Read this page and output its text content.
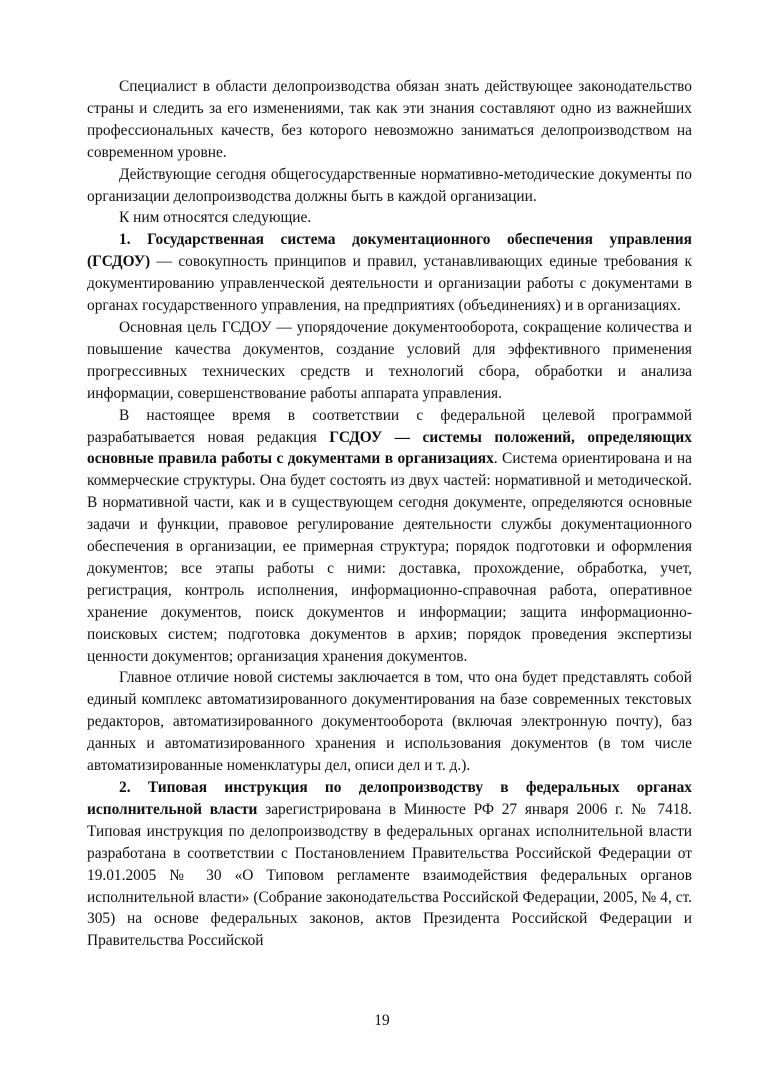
Специалист в области делопроизводства обязан знать действующее законодательство страны и следить за его изменениями, так как эти знания составляют одно из важнейших профессиональных качеств, без которого невозможно заниматься делопроизводством на современном уровне.

Действующие сегодня общегосударственные нормативно-методические документы по организации делопроизводства должны быть в каждой организации.

К ним относятся следующие.

1. Государственная система документационного обеспечения управления (ГСДОУ) — совокупность принципов и правил, устанавливающих единые требования к документированию управленческой деятельности и организации работы с документами в органах государственного управления, на предприятиях (объединениях) и в организациях.

Основная цель ГСДОУ — упорядочение документооборота, сокращение количества и повышение качества документов, создание условий для эффективного применения прогрессивных технических средств и технологий сбора, обработки и анализа информации, совершенствование работы аппарата управления.

В настоящее время в соответствии с федеральной целевой программой разрабатывается новая редакция ГСДОУ — системы положений, определяющих основные правила работы с документами в организациях. Система ориентирована и на коммерческие структуры. Она будет состоять из двух частей: нормативной и методической. В нормативной части, как и в существующем сегодня документе, определяются основные задачи и функции, правовое регулирование деятельности службы документационного обеспечения в организации, ее примерная структура; порядок подготовки и оформления документов; все этапы работы с ними: доставка, прохождение, обработка, учет, регистрация, контроль исполнения, информационно-справочная работа, оперативное хранение документов, поиск документов и информации; защита информационно-поисковых систем; подготовка документов в архив; порядок проведения экспертизы ценности документов; организация хранения документов.

Главное отличие новой системы заключается в том, что она будет представлять собой единый комплекс автоматизированного документирования на базе современных текстовых редакторов, автоматизированного документооборота (включая электронную почту), баз данных и автоматизированного хранения и использования документов (в том числе автоматизированные номенклатуры дел, описи дел и т. д.).

2. Типовая инструкция по делопроизводству в федеральных органах исполнительной власти зарегистрирована в Минюсте РФ 27 января 2006 г. № 7418. Типовая инструкция по делопроизводству в федеральных органах исполнительной власти разработана в соответствии с Постановлением Правительства Российской Федерации от 19.01.2005 № 30 «О Типовом регламенте взаимодействия федеральных органов исполнительной власти» (Собрание законодательства Российской Федерации, 2005, № 4, ст. 305) на основе федеральных законов, актов Президента Российской Федерации и Правительства Российской

19
